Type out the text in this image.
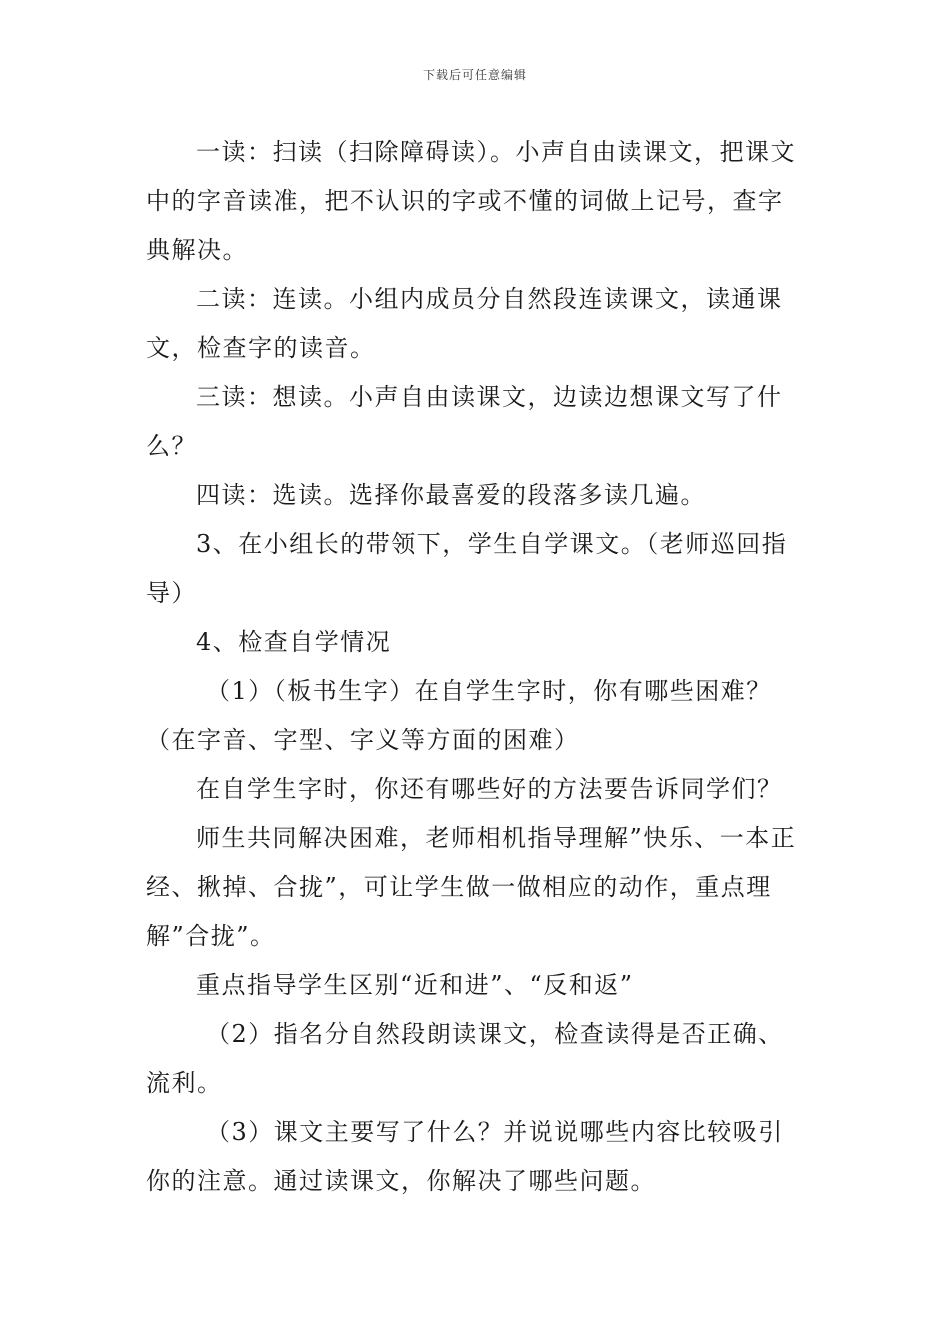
下载后可任意编辑

一读：扫读（扫除障碍读）。小声自由读课文，把课文中的字音读准，把不认识的字或不懂的词做上记号，查字典解决。

二读：连读。小组内成员分自然段连读课文，读通课文，检查字的读音。

三读：想读。小声自由读课文，边读边想课文写了什么？

四读：选读。选择你最喜爱的段落多读几遍。

3、在小组长的带领下，学生自学课文。（老师巡回指导）

4、检查自学情况

（1）（板书生字）在自学生字时，你有哪些困难？（在字音、字型、字义等方面的困难）

在自学生字时，你还有哪些好的方法要告诉同学们？

师生共同解决困难，老师相机指导理解”快乐、一本正经、揪掉、合拢”，可让学生做一做相应的动作，重点理解”合拢”。

重点指导学生区别“近和进”、“反和返”

（2）指名分自然段朗读课文，检查读得是否正确、流利。

（3）课文主要写了什么？并说说哪些内容比较吸引你的注意。通过读课文，你解决了哪些问题。
